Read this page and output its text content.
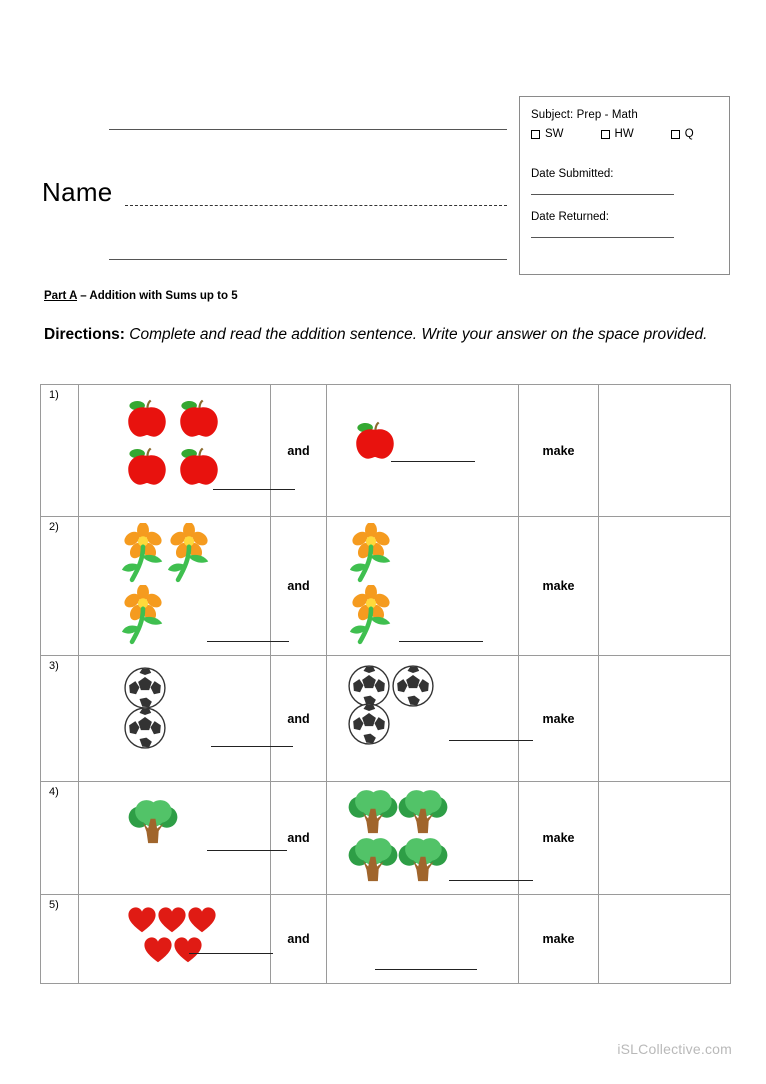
Name
Subject: Prep - Math
SW	HW	Q
Date Submitted:
Date Returned:
Part A – Addition with Sums up to 5
Directions: Complete and read the addition sentence. Write your answer on the space provided.
1)		and		make	

2)		and		make	

3)		and		make	

4)		and		make	

5)		and		make	
iSLCollective.com
